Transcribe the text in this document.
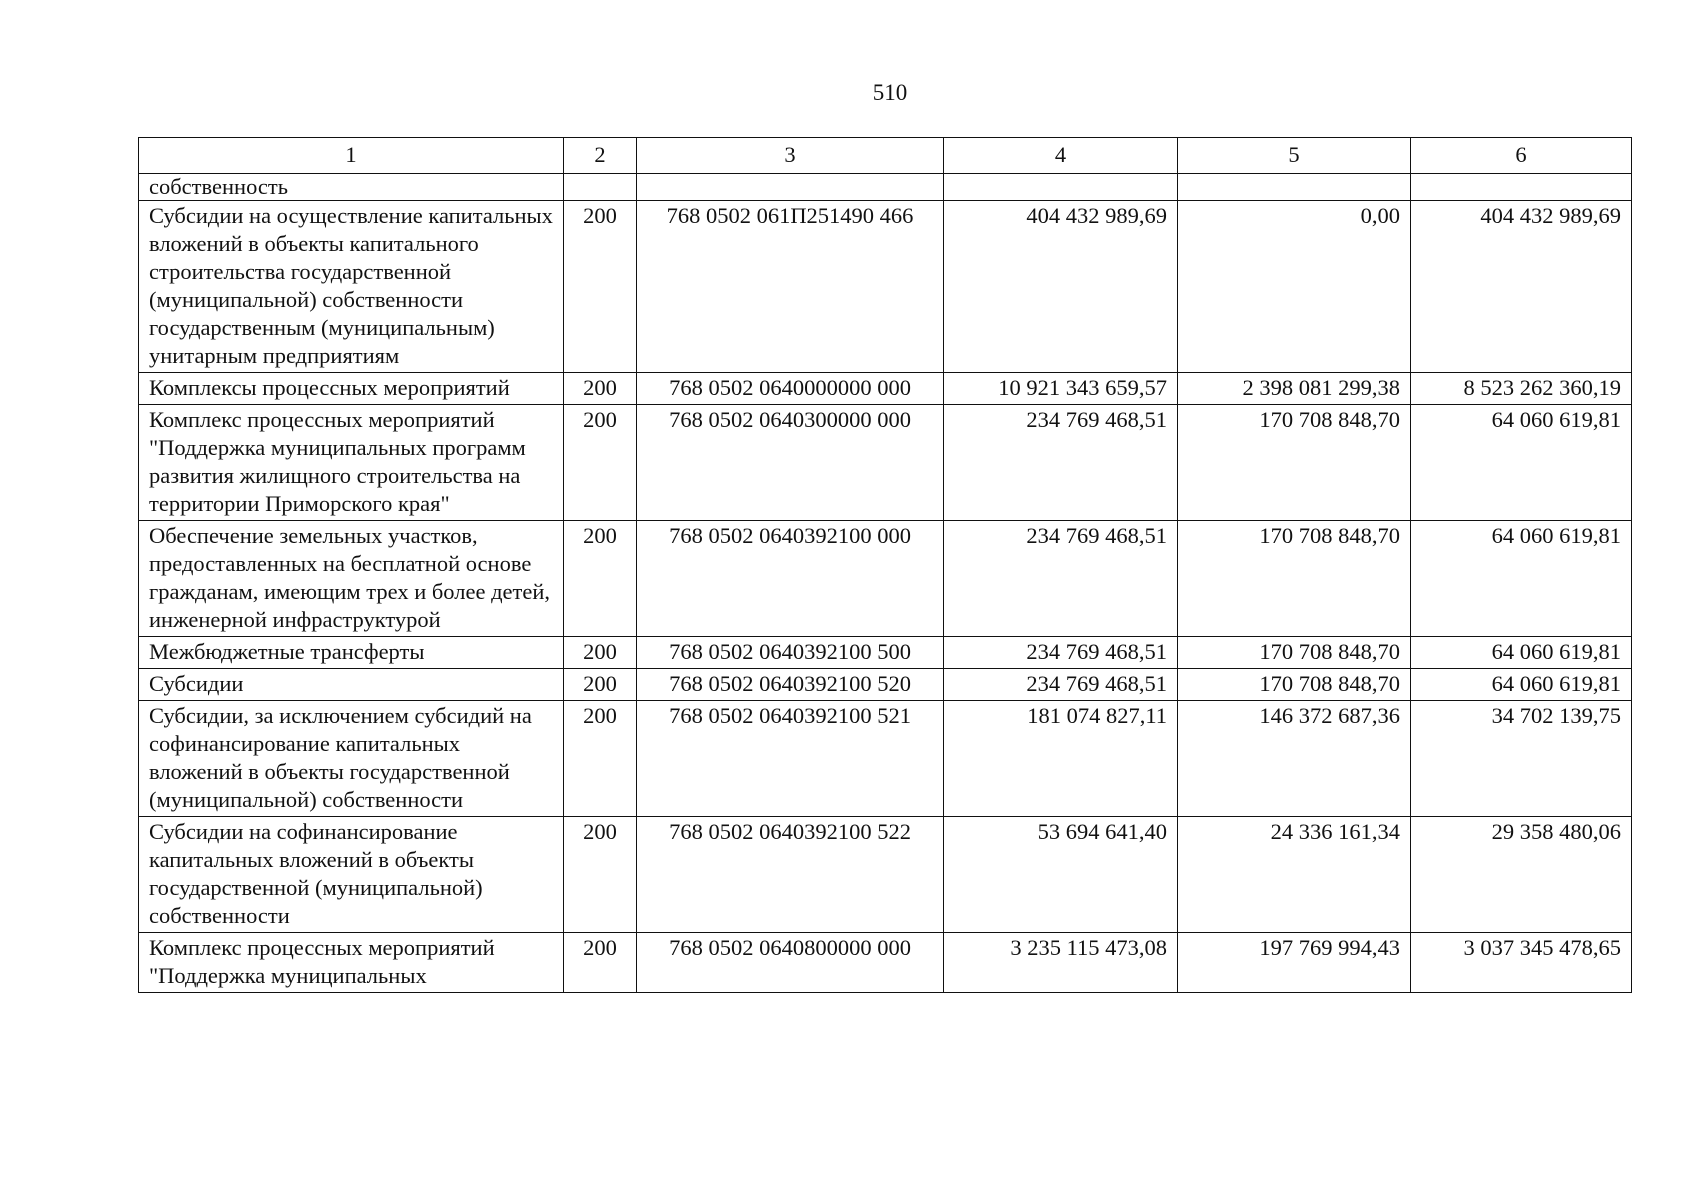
510
1	2	3	4	5	6
собственность					
Субсидии на осуществление капитальных вложений в объекты капитального строительства государственной (муниципальной) собственности государственным (муниципальным) унитарным предприятиям	200	768 0502 061П251490 466	404 432 989,69	0,00	404 432 989,69
Комплексы процессных мероприятий	200	768 0502 0640000000 000	10 921 343 659,57	2 398 081 299,38	8 523 262 360,19
Комплекс процессных мероприятий "Поддержка муниципальных программ развития жилищного строительства на территории Приморского края"	200	768 0502 0640300000 000	234 769 468,51	170 708 848,70	64 060 619,81
Обеспечение земельных участков, предоставленных на бесплатной основе гражданам, имеющим трех и более детей, инженерной инфраструктурой	200	768 0502 0640392100 000	234 769 468,51	170 708 848,70	64 060 619,81
Межбюджетные трансферты	200	768 0502 0640392100 500	234 769 468,51	170 708 848,70	64 060 619,81
Субсидии	200	768 0502 0640392100 520	234 769 468,51	170 708 848,70	64 060 619,81
Субсидии, за исключением субсидий на софинансирование капитальных вложений в объекты государственной (муниципальной) собственности	200	768 0502 0640392100 521	181 074 827,11	146 372 687,36	34 702 139,75
Субсидии на софинансирование капитальных вложений в объекты государственной (муниципальной) собственности	200	768 0502 0640392100 522	53 694 641,40	24 336 161,34	29 358 480,06
Комплекс процессных мероприятий "Поддержка муниципальных	200	768 0502 0640800000 000	3 235 115 473,08	197 769 994,43	3 037 345 478,65
